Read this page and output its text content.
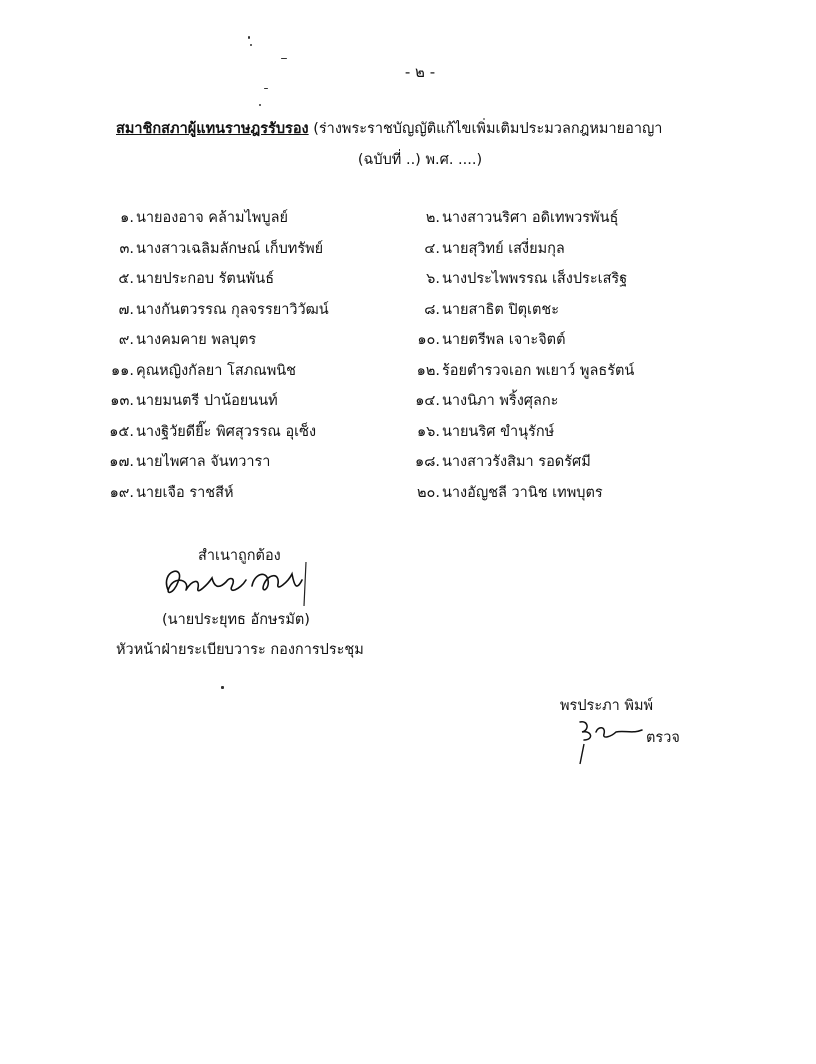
- ๒ -
สมาชิกสภาผู้แทนราษฎรรับรอง (ร่างพระราชบัญญัติแก้ไขเพิ่มเติมประมวลกฎหมายอาญา
(ฉบับที่ ..) พ.ศ. ....)
๑. นายองอาจ คล้ามไพบูลย์	๒. นางสาวนริศา อดิเทพวรพันธุ์
๓. นางสาวเฉลิมลักษณ์ เก็บทรัพย์	๔. นายสุวิทย์ เสงี่ยมกุล
๕. นายประกอบ รัตนพันธ์	๖. นางประไพพรรณ เส็งประเสริฐ
๗. นางกันตวรรณ กุลจรรยาวิวัฒน์	๘. นายสาธิต ปิตุเตชะ
๙. นางคมคาย พลบุตร	๑๐. นายตรีพล เจาะจิตต์
๑๑. คุณหญิงกัลยา โสภณพนิช	๑๒. ร้อยตำรวจเอก พเยาว์ พูลธรัตน์
๑๓. นายมนตรี ปาน้อยนนท์	๑๔. นางนิภา พริ้งศุลกะ
๑๕. นางฐิวัยดียี๊ะ พิศสุวรรณ อุเซ็ง	๑๖. นายนริศ ขำนุรักษ์
๑๗. นายไพศาล จันทวารา	๑๘. นางสาวรังสิมา รอดรัศมี
๑๙. นายเจือ ราชสีห์	๒๐. นางอัญชลี วานิช เทพบุตร
สำเนาถูกต้อง
(นายประยุทธ อักษรมัต)
หัวหน้าฝ่ายระเบียบวาระ กองการประชุม
พรประภา พิมพ์
ตรวจ
